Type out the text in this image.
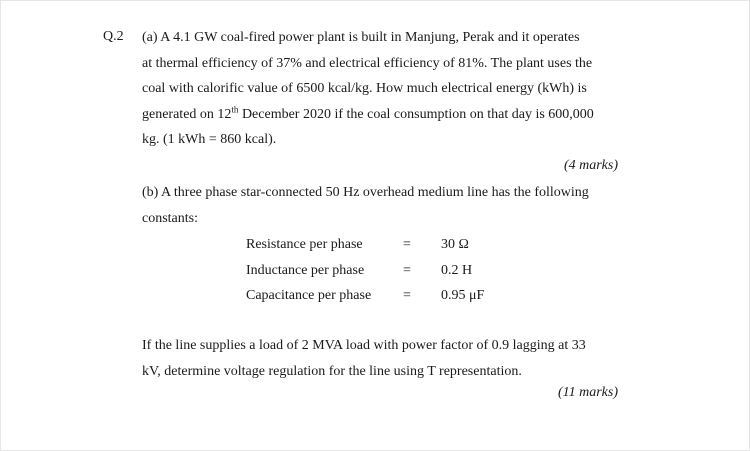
Q.2 (a) A 4.1 GW coal-fired power plant is built in Manjung, Perak and it operates
at thermal efficiency of 37% and electrical efficiency of 81%. The plant uses the
coal with calorific value of 6500 kcal/kg. How much electrical energy (kWh) is
generated on 12th December 2020 if the coal consumption on that day is 600,000
kg. (1 kWh = 860 kcal).
(4 marks)
(b) A three phase star-connected 50 Hz overhead medium line has the following
constants:
Resistance per phase	= 30 Ω
Inductance per phase	= 0.2 H
Capacitance per phase = 0.95 μF
If the line supplies a load of 2 MVA load with power factor of 0.9 lagging at 33
kV, determine voltage regulation for the line using T representation.
(11 marks)
